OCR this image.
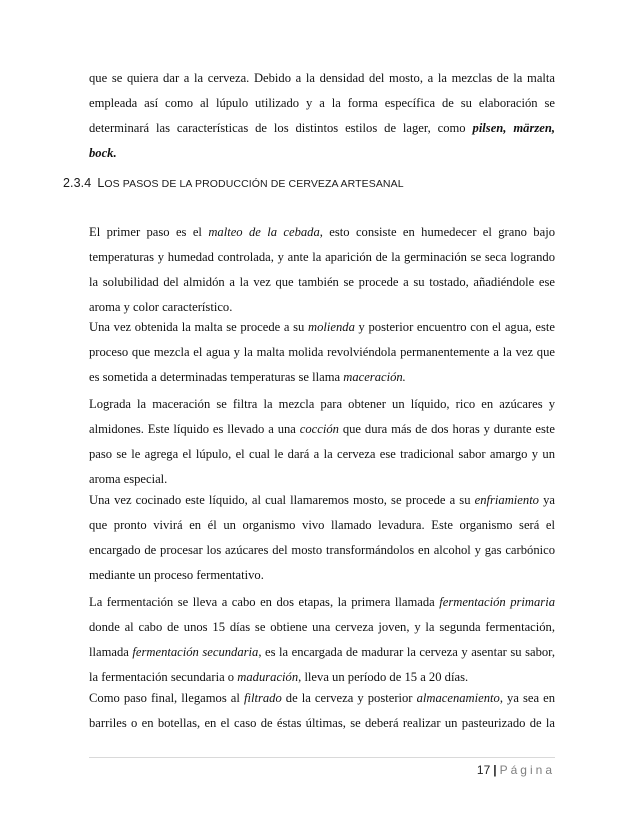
que se quiera dar a la cerveza. Debido a la densidad del mosto, a la mezclas de la malta
empleada así como al lúpulo utilizado y a la forma específica de su elaboración se
determinará las características de los distintos estilos de lager, como pilsen, märzen,
bock.

2.3.4 LOS PASOS DE LA PRODUCCIÓN DE CERVEZA ARTESANAL

El primer paso es el malteo de la cebada, esto consiste en humedecer el grano bajo
temperaturas y humedad controlada, y ante la aparición de la germinación se seca logrando
la solubilidad del almidón a la vez que también se procede a su tostado, añadiéndole ese
aroma y color característico.

Una vez obtenida la malta se procede a su molienda y posterior encuentro con el agua, este
proceso que mezcla el agua y la malta molida revolviéndola permanentemente a la vez que
es sometida a determinadas temperaturas se llama maceración.

Lograda la maceración se filtra la mezcla para obtener un líquido, rico en azúcares y
almidones. Este líquido es llevado a una cocción que dura más de dos horas y durante este
paso se le agrega el lúpulo, el cual le dará a la cerveza ese tradicional sabor amargo y un
aroma especial.

Una vez cocinado este líquido, al cual llamaremos mosto, se procede a su enfriamiento ya
que pronto vivirá en él un organismo vivo llamado levadura. Este organismo será el
encargado de procesar los azúcares del mosto transformándolos en alcohol y gas carbónico
mediante un proceso fermentativo.

La fermentación se lleva a cabo en dos etapas, la primera llamada fermentación primaria
donde al cabo de unos 15 días se obtiene una cerveza joven, y la segunda fermentación,
llamada fermentación secundaria, es la encargada de madurar la cerveza y asentar su sabor,
la fermentación secundaria o maduración, lleva un período de 15 a 20 días.

Como paso final, llegamos al filtrado de la cerveza y posterior almacenamiento, ya sea en
barriles o en botellas, en el caso de éstas últimas, se deberá realizar un pasteurizado de la

17 | Página
